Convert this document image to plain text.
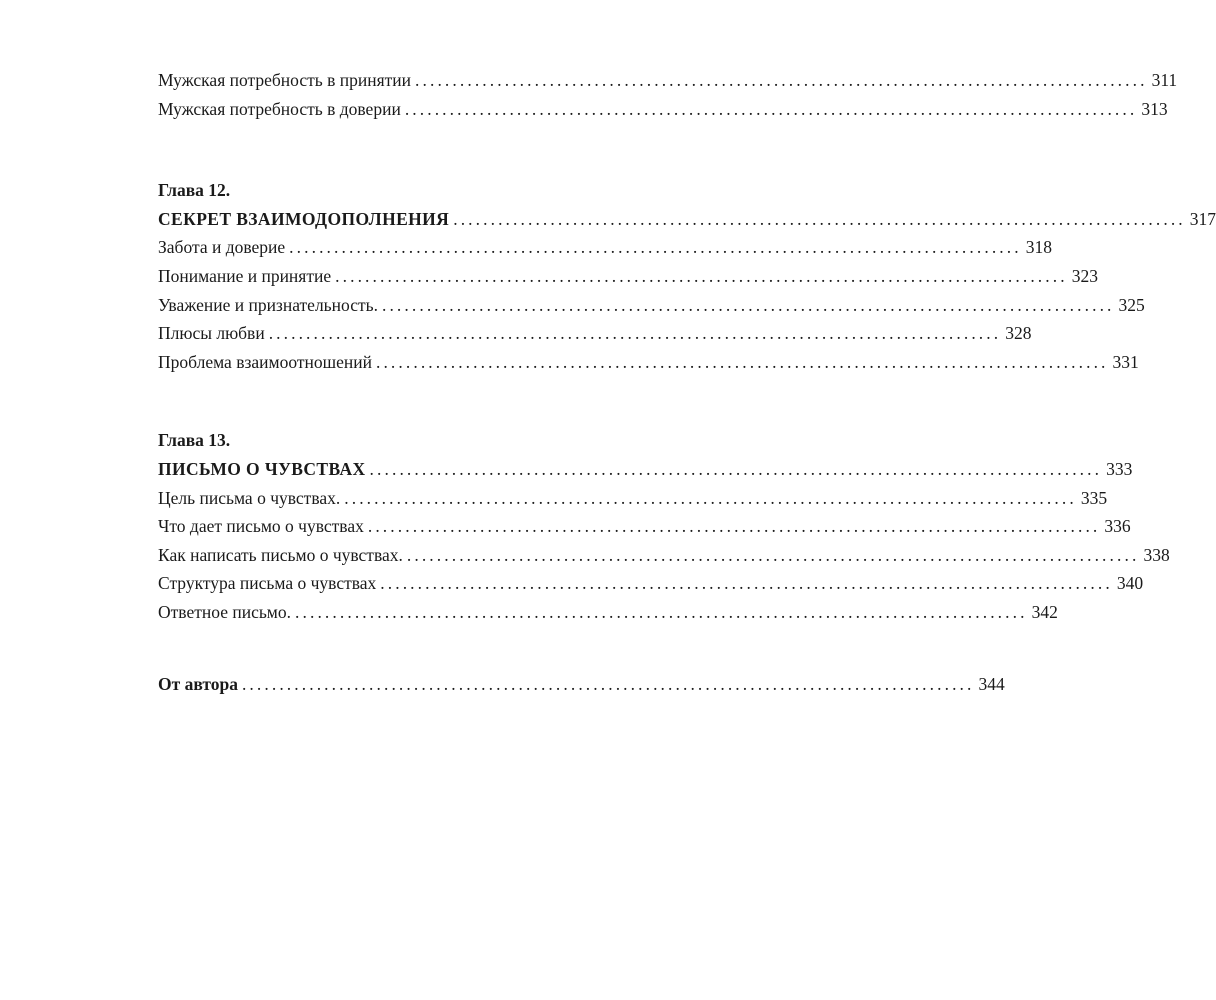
Мужская потребность в принятии .................................................................................................. 311
Мужская потребность в доверии .................................................................................................. 313
Глава 12.
СЕКРЕТ ВЗАИМОДОПОЛНЕНИЯ .................................................................................................. 317
Забота и доверие .................................................................................................. 318
Понимание и принятие .................................................................................................. 323
Уважение и признательность. .................................................................................................. 325
Плюсы любви .................................................................................................. 328
Проблема взаимоотношений .................................................................................................. 331
Глава 13.
ПИСЬМО О ЧУВСТВАХ .................................................................................................. 333
Цель письма о чувствах. .................................................................................................. 335
Что дает письмо о чувствах .................................................................................................. 336
Как написать письмо о чувствах. .................................................................................................. 338
Структура письма о чувствах .................................................................................................. 340
Ответное письмо. .................................................................................................. 342
От автора .................................................................................................. 344
